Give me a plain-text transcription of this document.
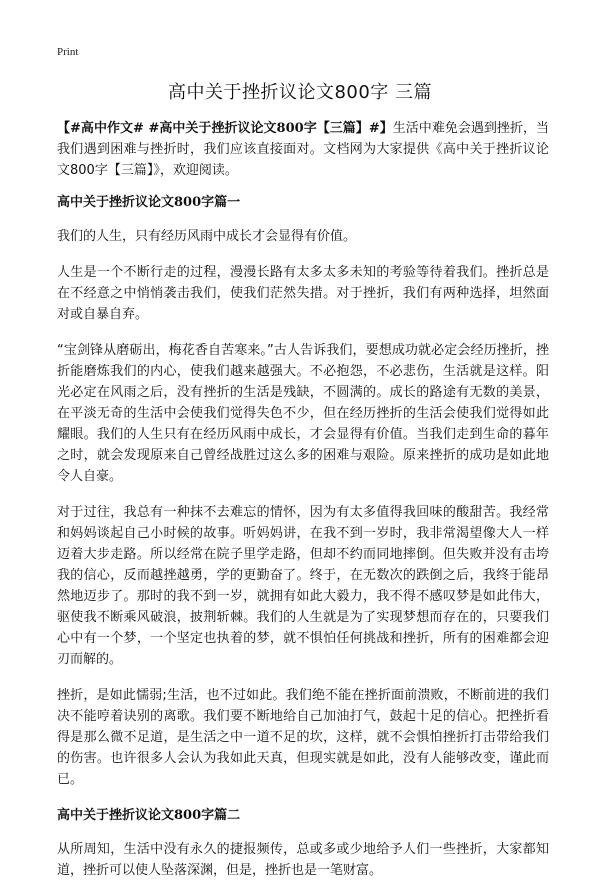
Print
高中关于挫折议论文800字 三篇

【#高中作文# #高中关于挫折议论文800字【三篇】#】生活中难免会遇到挫折，当我们遇到困难与挫折时，我们应该直接面对。文档网为大家提供《高中关于挫折议论文800字【三篇】》，欢迎阅读。

高中关于挫折议论文800字篇一

我们的人生，只有经历风雨中成长才会显得有价值。

人生是一个不断行走的过程，漫漫长路有太多太多未知的考验等待着我们。挫折总是在不经意之中悄悄袭击我们，使我们茫然失措。对于挫折，我们有两种选择，坦然面对或自暴自弃。

“宝剑锋从磨砺出，梅花香自苦寒来。”古人告诉我们，要想成功就必定会经历挫折，挫折能磨炼我们的内心，使我们越来越强大。不必抱怨，不必悲伤，生活就是这样。阳光必定在风雨之后，没有挫折的生活是残缺，不圆满的。成长的路途有无数的美景，在平淡无奇的生活中会使我们觉得失色不少，但在经历挫折的生活会使我们觉得如此耀眼。我们的人生只有在经历风雨中成长，才会显得有价值。当我们走到生命的暮年之时，就会发现原来自己曾经战胜过这么多的困难与艰险。原来挫折的成功是如此地令人自豪。

对于过往，我总有一种抹不去难忘的情怀，因为有太多值得我回味的酸甜苦。我经常和妈妈谈起自己小时候的故事。听妈妈讲，在我不到一岁时，我非常渴望像大人一样迈着大步走路。所以经常在院子里学走路，但却不约而同地摔倒。但失败并没有击垮我的信心，反而越挫越勇，学的更勤奋了。终于，在无数次的跌倒之后，我终于能昂然地迈步了。那时的我不到一岁，就拥有如此大毅力，我不得不感叹梦是如此伟大，驱使我不断乘风破浪，披荆斩棘。我们的人生就是为了实现梦想而存在的，只要我们心中有一个梦，一个坚定也执着的梦，就不惧怕任何挑战和挫折，所有的困难都会迎刃而解的。

挫折，是如此懦弱;生活，也不过如此。我们绝不能在挫折面前溃败，不断前进的我们决不能哼着诀别的离歌。我们要不断地给自己加油打气，鼓起十足的信心。把挫折看得是那么微不足道，是生活之中一道不足的坎，这样，就不会惧怕挫折打击带给我们的伤害。也许很多人会认为我如此天真，但现实就是如此，没有人能够改变，谨此而已。

高中关于挫折议论文800字篇二

从所周知，生活中没有永久的捷报频传，总或多或少地给予人们一些挫折，大家都知道，挫折可以使人坠落深渊，但是，挫折也是一笔财富。
